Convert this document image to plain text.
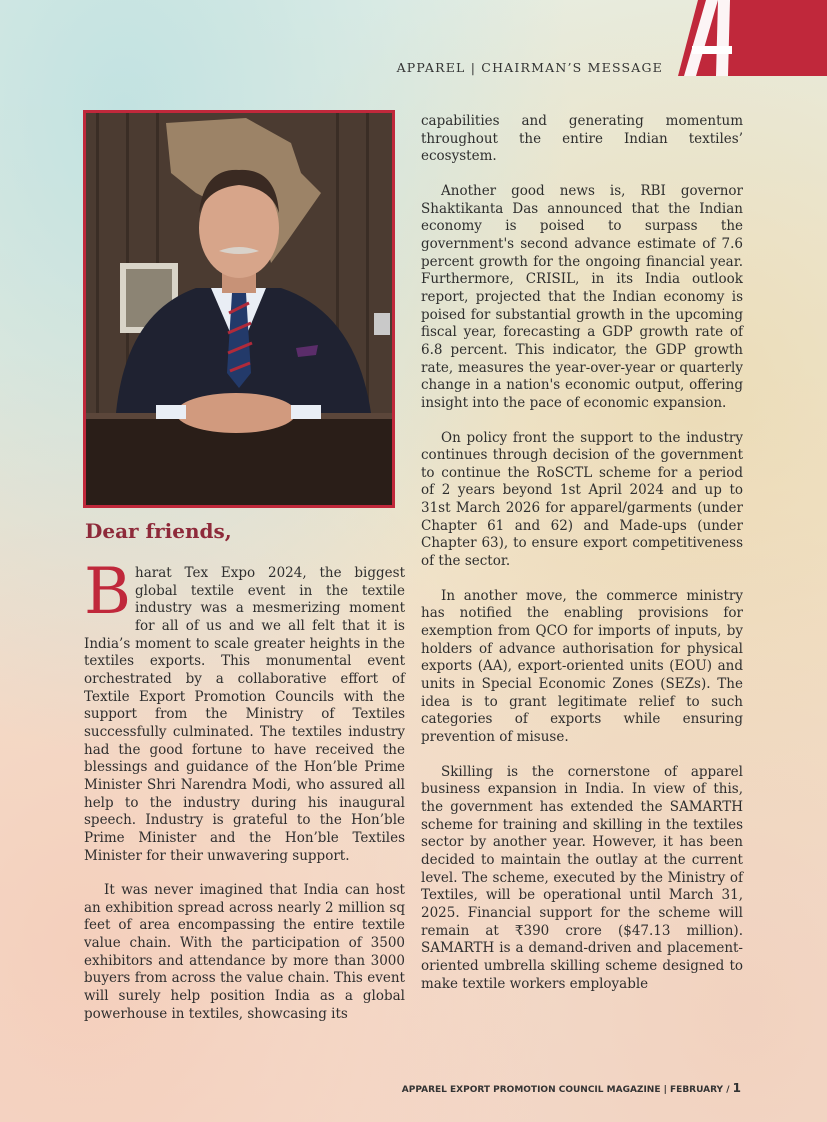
APPAREL | CHAIRMAN’S MESSAGE
Dear friends,

Bharat Tex Expo 2024, the biggest global textile event in the textile industry was a mesmerizing moment for all of us and we all felt that it is India’s moment to scale greater heights in the textiles exports. This monumental event orchestrated by a collaborative effort of Textile Export Promotion Councils with the support from the Ministry of Textiles successfully culminated. The textiles industry had the good fortune to have received the blessings and guidance of the Hon’ble Prime Minister Shri Narendra Modi, who assured all help to the industry during his inaugural speech. Industry is grateful to the Hon’ble Prime Minister and the Hon’ble Textiles Minister for their unwavering support.

It was never imagined that India can host an exhibition spread across nearly 2 million sq feet of area encompassing the entire textile value chain. With the participation of 3500 exhibitors and attendance by more than 3000 buyers from across the value chain. This event will surely help position India as a global powerhouse in textiles, showcasing its

capabilities and generating momentum throughout the entire Indian textiles’ ecosystem.

Another good news is, RBI governor Shaktikanta Das announced that the Indian economy is poised to surpass the government's second advance estimate of 7.6 percent growth for the ongoing financial year. Furthermore, CRISIL, in its India outlook report, projected that the Indian economy is poised for substantial growth in the upcoming fiscal year, forecasting a GDP growth rate of 6.8 percent. This indicator, the GDP growth rate, measures the year-over-year or quarterly change in a nation's economic output, offering insight into the pace of economic expansion.

On policy front the support to the industry continues through decision of the government to continue the RoSCTL scheme for a period of 2 years beyond 1st April 2024 and up to 31st March 2026 for apparel/garments (under Chapter 61 and 62) and Made-ups (under Chapter 63), to ensure export competitiveness of the sector.

In another move, the commerce ministry has notified the enabling provisions for exemption from QCO for imports of inputs, by holders of advance authorisation for physical exports (AA), export-oriented units (EOU) and units in Special Economic Zones (SEZs). The idea is to grant legitimate relief to such categories of exports while ensuring prevention of misuse.

Skilling is the cornerstone of apparel business expansion in India. In view of this, the government has extended the SAMARTH scheme for training and skilling in the textiles sector by another year. However, it has been decided to maintain the outlay at the current level. The scheme, executed by the Ministry of Textiles, will be operational until March 31, 2025. Financial support for the scheme will remain at ₹390 crore ($47.13 million). SAMARTH is a demand-driven and placement-oriented umbrella skilling scheme designed to make textile workers employable

APPAREL EXPORT PROMOTION COUNCIL MAGAZINE | FEBRUARY / 1
